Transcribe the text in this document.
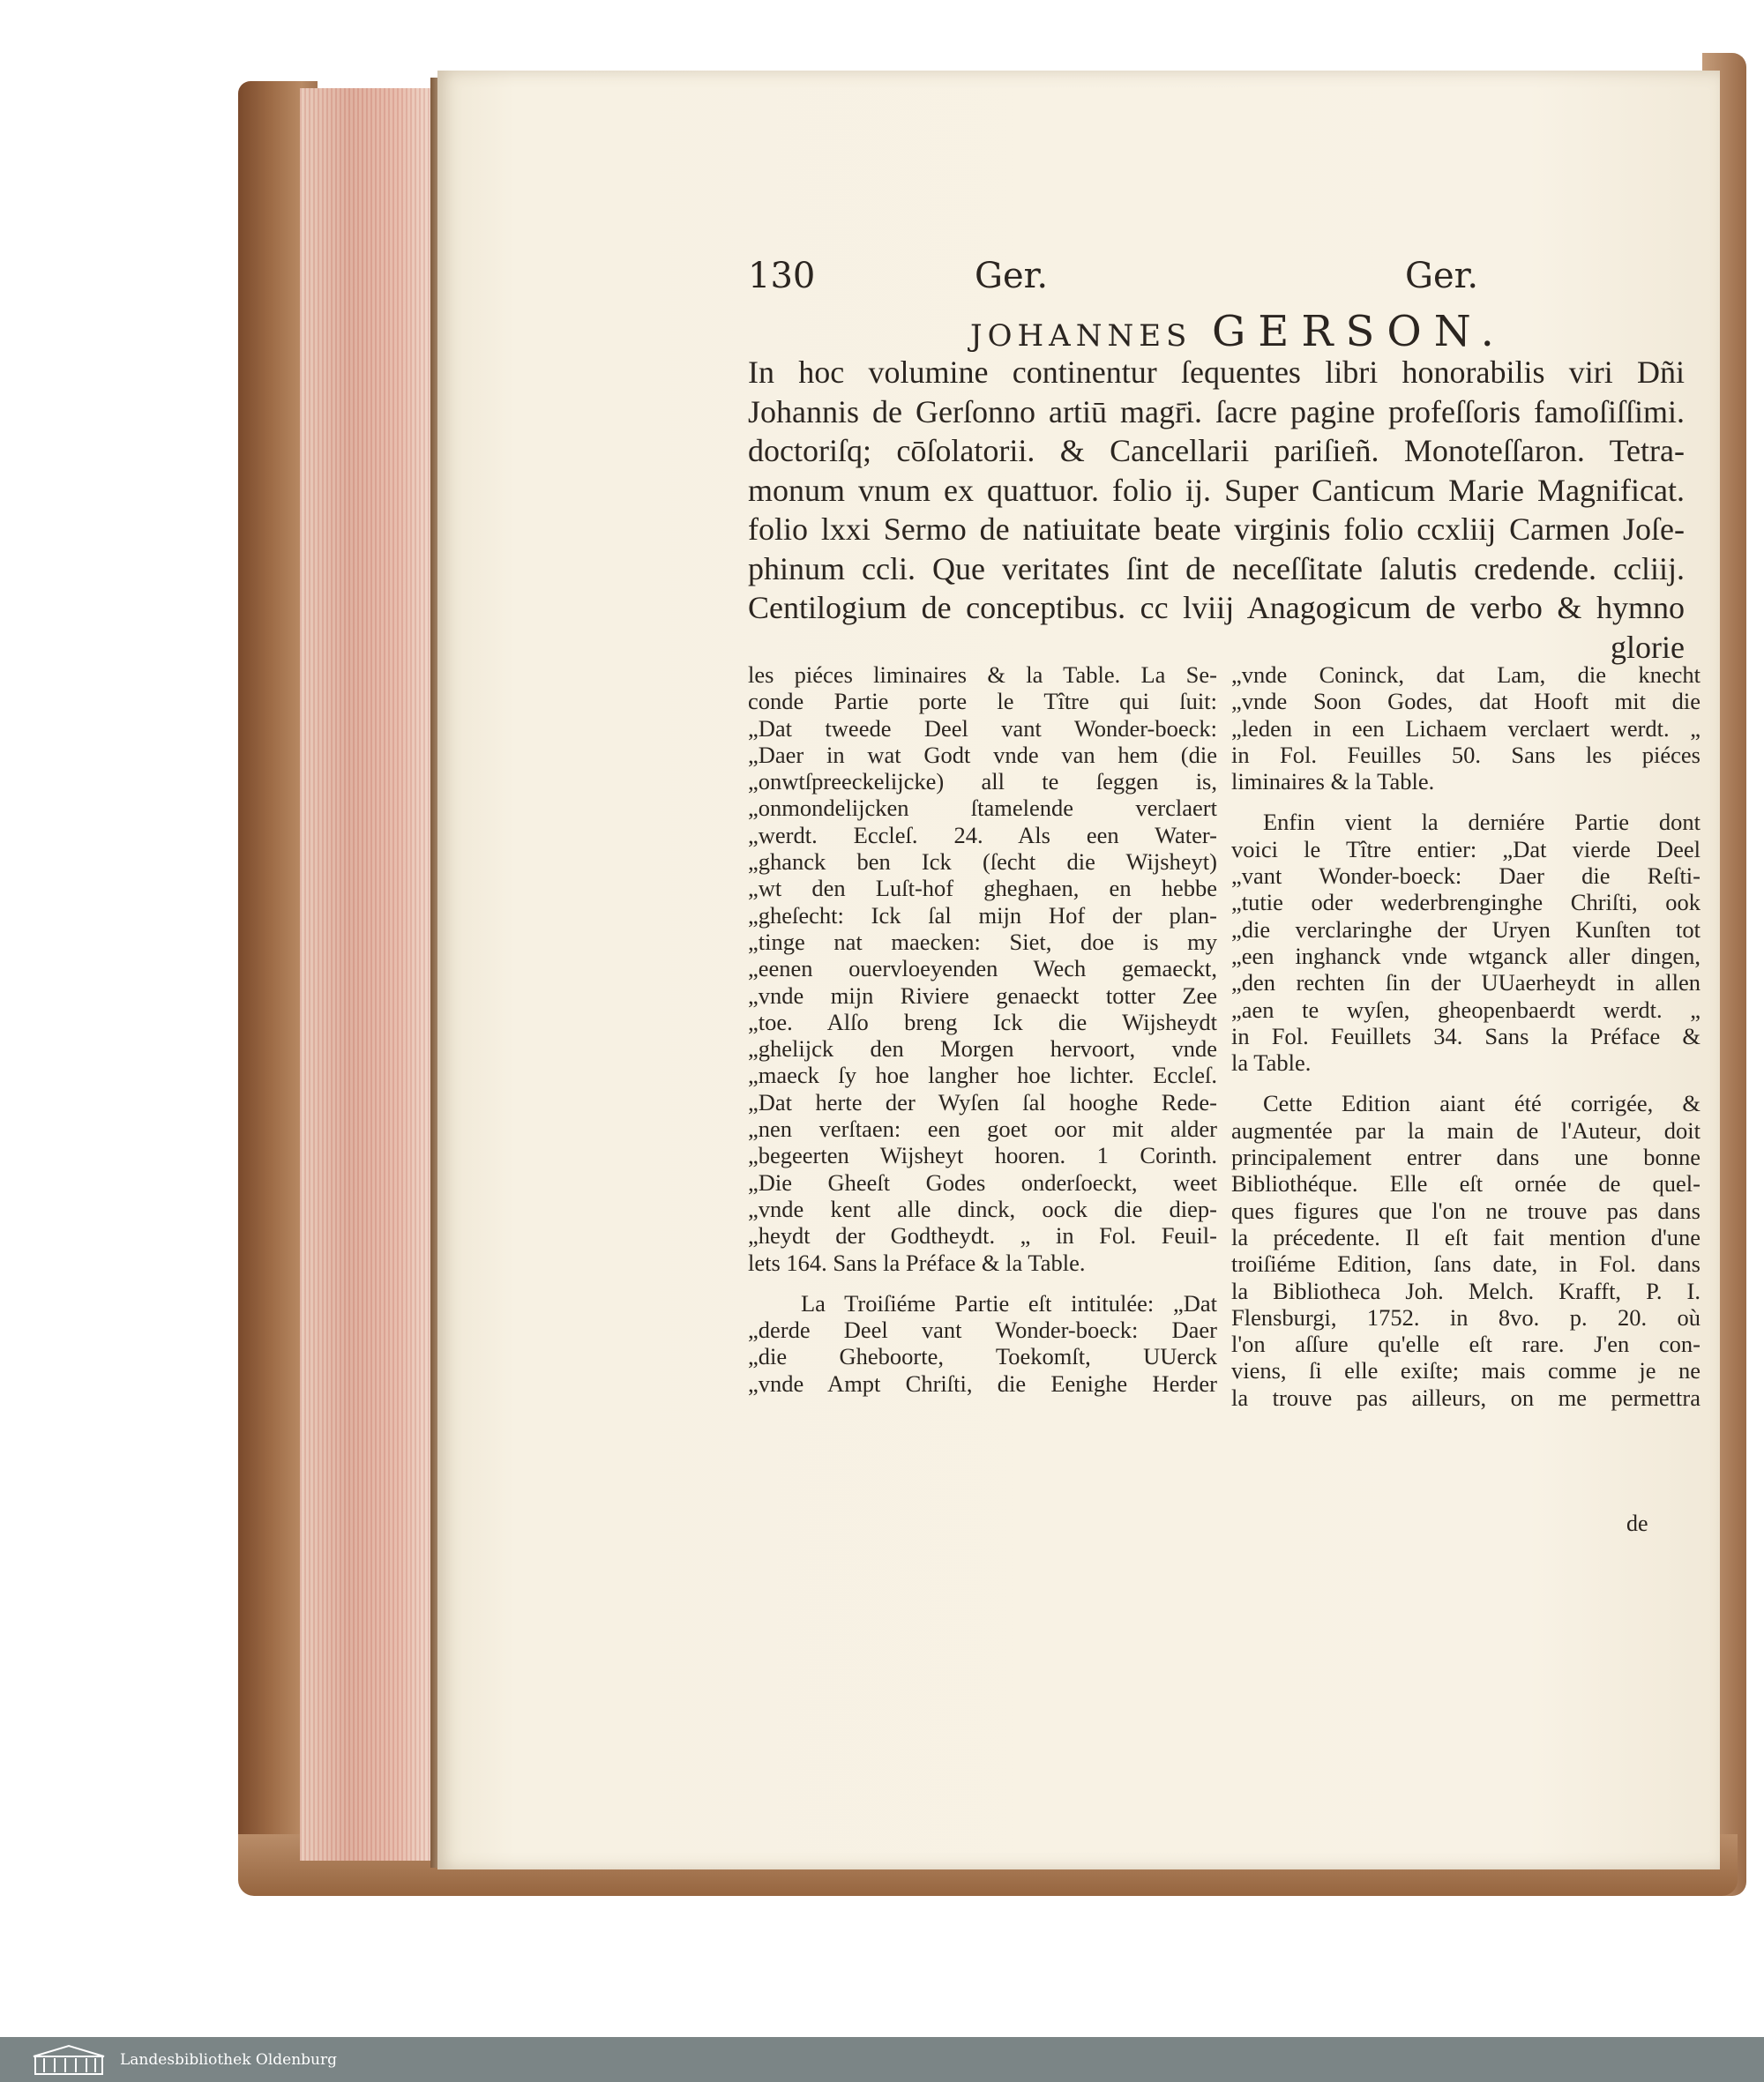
130	Ger.	Ger.
JOHANNES GERSON.
In hoc volumine continentur ſequentes libri honorabilis viri Dñi
Johannis de Gerſonno artiū magr̄i. ſacre pagine profeſſoris famoſiſſimi.
doctoriſq; cōſolatorii. & Cancellarii pariſieñ. Monoteſſaron. Tetra-
monum vnum ex quattuor. folio ij. Super Canticum Marie Magnificat.
folio lxxi Sermo de natiuitate beate virginis folio ccxliij Carmen Joſe-
phinum ccli. Que veritates ſint de neceſſitate ſalutis credende. ccliij.
Centilogium de conceptibus. cc lviij Anagogicum de verbo & hymno
glorie
les piéces liminaires & la Table. La Se-
conde Partie porte le Tître qui ſuit:
„Dat tweede Deel vant Wonder-boeck:
„Daer in wat Godt vnde van hem (die
„onwtſpreeckelijcke) all te ſeggen is,
„onmondelijcken ſtamelende verclaert
„werdt. Eccleſ. 24. Als een Water-
„ghanck ben Ick (ſecht die Wijsheyt)
„wt den Luſt-hof gheghaen, en hebbe
„gheſecht: Ick ſal mijn Hof der plan-
„tinge nat maecken: Siet, doe is my
„eenen ouervloeyenden Wech gemaeckt,
„vnde mijn Riviere genaeckt totter Zee
„toe. Alſo breng Ick die Wijsheydt
„ghelijck den Morgen hervoort, vnde
„maeck ſy hoe langher hoe lichter. Eccleſ.
„Dat herte der Wyſen ſal hooghe Rede-
„nen verſtaen: een goet oor mit alder
„begeerten Wijsheyt hooren. 1 Corinth.
„Die Gheeſt Godes onderſoeckt, weet
„vnde kent alle dinck, oock die diep-
„heydt der Godtheydt. „ in Fol. Feuil-
lets 164. Sans la Préface & la Table.
La Troiſiéme Partie eſt intitulée: „Dat
„derde Deel vant Wonder-boeck: Daer
„die Gheboorte, Toekomſt, UUerck
„vnde Ampt Chriſti, die Eenighe Herder
„vnde Coninck, dat Lam, die knecht
„vnde Soon Godes, dat Hooft mit die
„leden in een Lichaem verclaert werdt. „
in Fol. Feuilles 50. Sans les piéces
liminaires & la Table.
Enfin vient la derniére Partie dont
voici le Tître entier: „Dat vierde Deel
„vant Wonder-boeck: Daer die Reſti-
„tutie oder wederbrenginghe Chriſti, ook
„die verclaringhe der Uryen Kunſten tot
„een inghanck vnde wtganck aller dingen,
„den rechten ſin der UUaerheydt in allen
„aen te wyſen, gheopenbaerdt werdt. „
in Fol. Feuillets 34. Sans la Préface &
la Table.
Cette Edition aiant été corrigée, &
augmentée par la main de l'Auteur, doit
principalement entrer dans une bonne
Bibliothéque. Elle eſt ornée de quel-
ques figures que l'on ne trouve pas dans
la précedente. Il eſt fait mention d'une
troiſiéme Edition, ſans date, in Fol. dans
la Bibliotheca Joh. Melch. Krafft, P. I.
Flensburgi, 1752. in 8vo. p. 20. où
l'on aſſure qu'elle eſt rare. J'en con-
viens, ſi elle exiſte; mais comme je ne
la trouve pas ailleurs, on me permettra
de
Landesbibliothek Oldenburg
